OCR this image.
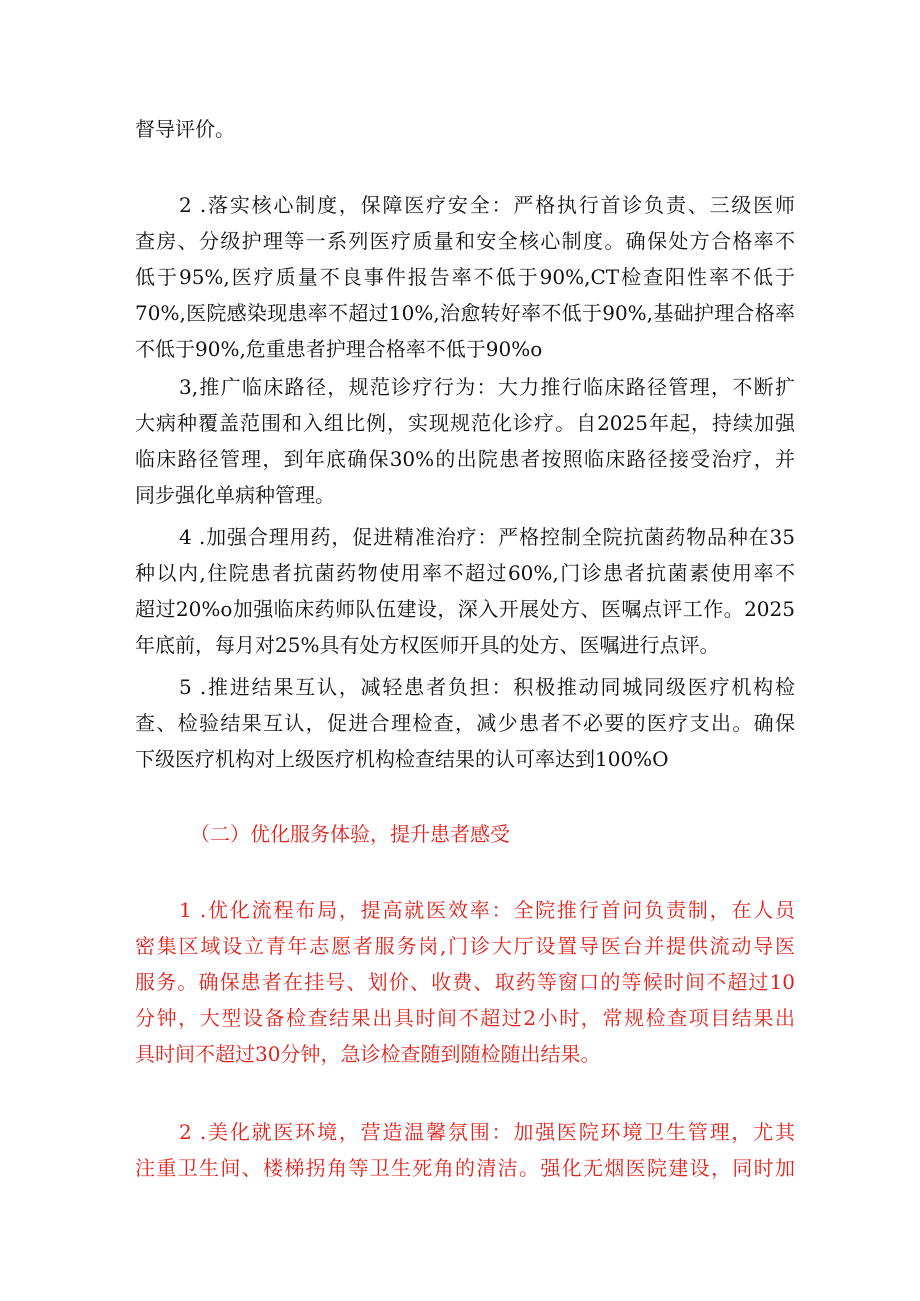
督导评价。
2 .落实核心制度，保障医疗安全：严格执行首诊负责、三级医师
查房、分级护理等一系列医疗质量和安全核心制度。确保处方合格率不
低于95%,医疗质量不良事件报告率不低于90%,CT检查阳性率不低于
70%,医院感染现患率不超过10%,治愈转好率不低于90%,基础护理合格率
不低于90%,危重患者护理合格率不低于90%o
3,推广临床路径，规范诊疗行为：大力推行临床路径管理，不断扩
大病种覆盖范围和入组比例，实现规范化诊疗。自2025年起，持续加强
临床路径管理，到年底确保30%的出院患者按照临床路径接受治疗，并
同步强化单病种管理。
4 .加强合理用药，促进精准治疗：严格控制全院抗菌药物品种在35
种以内,住院患者抗菌药物使用率不超过60%,门诊患者抗菌素使用率不
超过20%o加强临床药师队伍建设，深入开展处方、医嘱点评工作。2025
年底前，每月对25%具有处方权医师开具的处方、医嘱进行点评。
5 .推进结果互认，减轻患者负担：积极推动同城同级医疗机构检
查、检验结果互认，促进合理检查，减少患者不必要的医疗支出。确保
下级医疗机构对上级医疗机构检查结果的认可率达到100%O
（二）优化服务体验，提升患者感受
1 .优化流程布局，提高就医效率：全院推行首问负责制，在人员
密集区域设立青年志愿者服务岗,门诊大厅设置导医台并提供流动导医
服务。确保患者在挂号、划价、收费、取药等窗口的等候时间不超过10
分钟，大型设备检查结果出具时间不超过2小时，常规检查项目结果出
具时间不超过30分钟，急诊检查随到随检随出结果。
2 .美化就医环境，营造温馨氛围：加强医院环境卫生管理，尤其
注重卫生间、楼梯拐角等卫生死角的清洁。强化无烟医院建设，同时加
